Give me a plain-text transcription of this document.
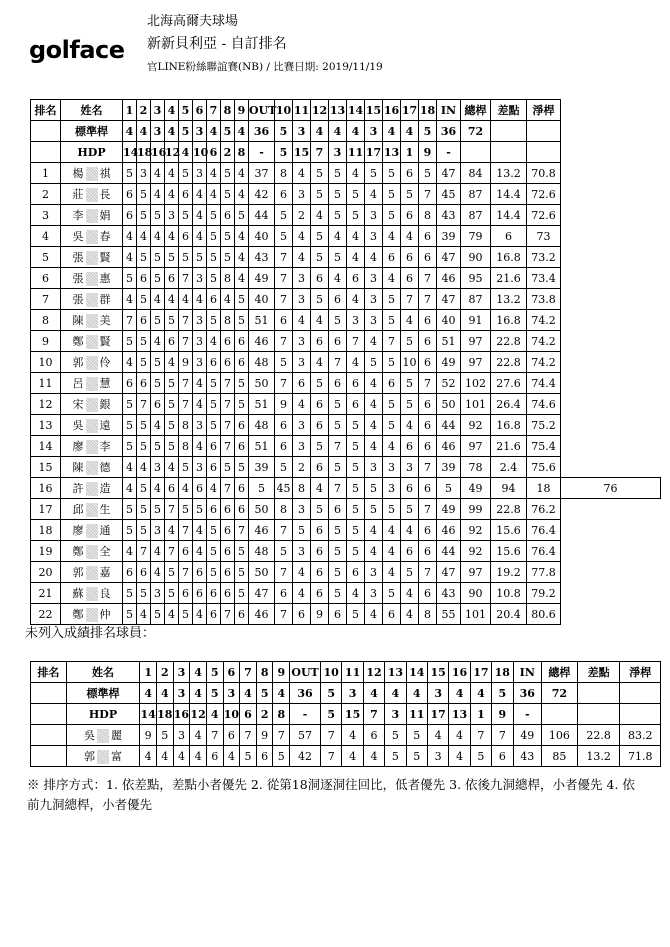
golface
北海高爾夫球場
新新貝利亞 - 自訂排名
官LINE粉絲聯誼賽(NB) / 比賽日期: 2019/11/19
排名	姓名	1	2	3	4	5	6	7	8	9	OUT	10	11	12	13	14	15	16	17	18	IN	總桿	差點	淨桿	
	標準桿	4	4	3	4	5	3	4	5	4	36	5	3	4	4	4	3	4	4	5	36	72			
	HDP	14	18	16	12	4	10	6	2	8	-	5	15	7	3	11	17	13	1	9	-				
1	楊 祺	5	3	4	4	5	3	4	5	4	37	8	4	5	5	4	5	5	6	5	47	84	13.2	70.8	
2	莊 長	6	5	4	4	6	4	4	5	4	42	6	3	5	5	5	4	5	5	7	45	87	14.4	72.6	
3	李 娟	6	5	5	3	5	4	5	6	5	44	5	2	4	5	5	3	5	6	8	43	87	14.4	72.6	
4	吳 春	4	4	4	4	6	4	5	5	4	40	5	4	5	4	4	3	4	4	6	39	79	6	73	
5	張 賢	4	5	5	5	5	5	5	5	4	43	7	4	5	5	4	4	6	6	6	47	90	16.8	73.2	
6	張 惠	5	6	5	6	7	3	5	8	4	49	7	3	6	4	6	3	4	6	7	46	95	21.6	73.4	
7	張 群	4	5	4	4	4	4	6	4	5	40	7	3	5	6	4	3	5	7	7	47	87	13.2	73.8	
8	陳 美	7	6	5	5	7	3	5	8	5	51	6	4	4	5	3	3	5	4	6	40	91	16.8	74.2	
9	鄭 賢	5	5	4	6	7	3	4	6	6	46	7	3	6	6	7	4	7	5	6	51	97	22.8	74.2	
10	郭 伶	4	5	5	4	9	3	6	6	6	48	5	3	4	7	4	5	5	10	6	49	97	22.8	74.2	
11	呂 慧	6	6	5	5	7	4	5	7	5	50	7	6	5	6	6	4	6	5	7	52	102	27.6	74.4	
12	宋 銀	5	7	6	5	7	4	5	7	5	51	9	4	6	5	6	4	5	5	6	50	101	26.4	74.6	
13	吳 遠	5	5	4	5	8	3	5	7	6	48	6	3	6	5	5	4	5	4	6	44	92	16.8	75.2	
14	廖 李	5	5	5	5	8	4	6	7	6	51	6	3	5	7	5	4	4	6	6	46	97	21.6	75.4	
15	陳 德	4	4	3	4	5	3	6	5	5	39	5	2	6	5	5	3	3	3	7	39	78	2.4	75.6	
16	許 造	4	5	4	6	4	6	4	7	6	5	45	8	4	7	5	5	3	6	6	5	49	94	18	76
17	邱 生	5	5	5	7	5	5	6	6	6	50	8	3	5	6	5	5	5	5	7	49	99	22.8	76.2	
18	廖 通	5	5	3	4	7	4	5	6	7	46	7	5	6	5	5	4	4	4	6	46	92	15.6	76.4	
19	鄭 全	4	7	4	7	6	4	5	6	5	48	5	3	6	5	5	4	4	6	6	44	92	15.6	76.4	
20	郭 嘉	6	6	4	5	7	6	5	6	5	50	7	4	6	5	6	3	4	5	7	47	97	19.2	77.8	
21	蘇 良	5	5	3	5	6	6	6	6	5	47	6	4	6	5	4	3	5	4	6	43	90	10.8	79.2	
22	鄭 仲	5	4	5	4	5	4	6	7	6	46	7	6	9	6	5	4	6	4	8	55	101	20.4	80.6	
未列入成績排名球員：
排名	姓名	1	2	3	4	5	6	7	8	9	OUT	10	11	12	13	14	15	16	17	18	IN	總桿	差點	淨桿
	標準桿	4	4	3	4	5	3	4	5	4	36	5	3	4	4	4	3	4	4	5	36	72		
	HDP	14	18	16	12	4	10	6	2	8	-	5	15	7	3	11	17	13	1	9	-			
	吳 麗	9	5	3	4	7	6	7	9	7	57	7	4	6	5	5	4	4	7	7	49	106	22.8	83.2
	郭 富	4	4	4	4	6	4	5	6	5	42	7	4	4	5	5	3	4	5	6	43	85	13.2	71.8
※ 排序方式：1. 依差點，差點小者優先 2. 從第18洞逐洞往回比，低者優先 3. 依後九洞總桿，小者優先 4. 依前九洞總桿，小者優先
